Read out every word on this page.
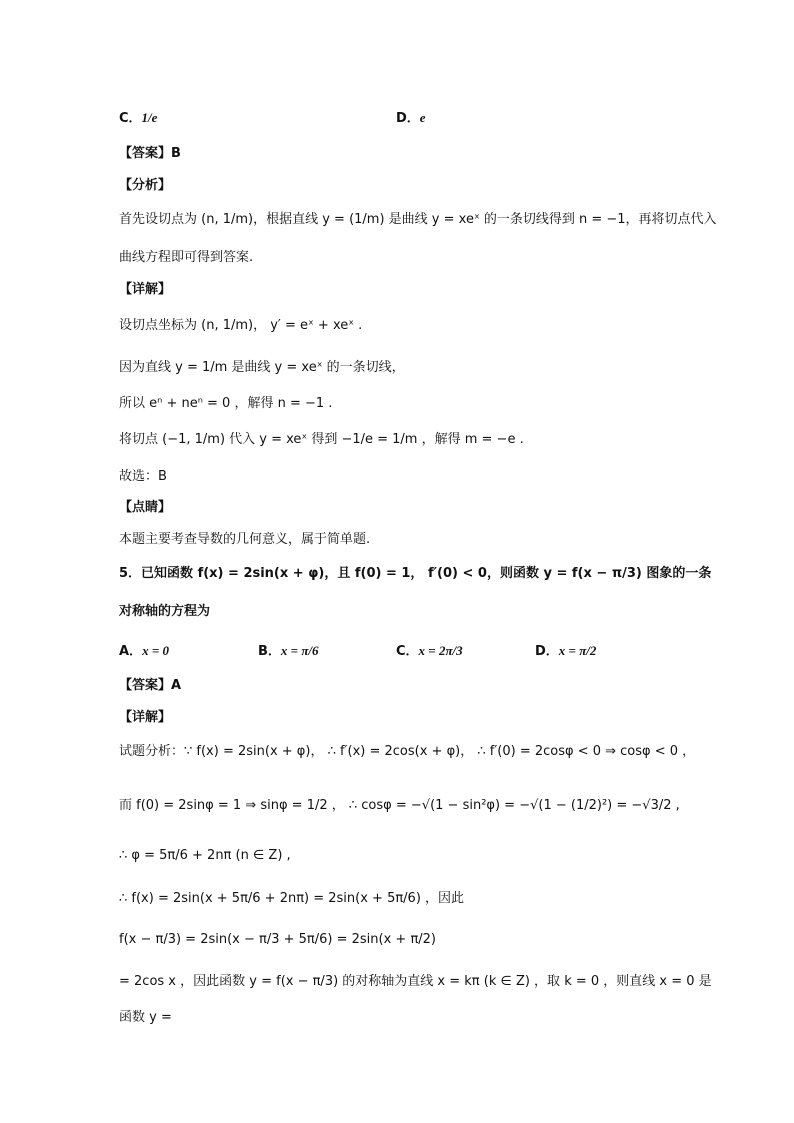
C．1/e	D．e
【答案】B
【分析】
首先设切点为 (n, 1/m)，根据直线 y = (1/m) 是曲线 y = xeˣ 的一条切线得到 n = −1，再将切点代入
曲线方程即可得到答案.
【详解】
设切点坐标为 (n, 1/m)， y′ = eˣ + xeˣ .
因为直线 y = 1/m 是曲线 y = xeˣ 的一条切线，
所以 eⁿ + neⁿ = 0 ，解得 n = −1 .
将切点 (−1, 1/m) 代入 y = xeˣ 得到 −1/e = 1/m ，解得 m = −e .
故选：B
【点睛】
本题主要考查导数的几何意义，属于简单题.
5．已知函数 f(x) = 2sin(x + φ)，且 f(0) = 1， f′(0) < 0，则函数 y = f(x − π/3) 图象的一条
对称轴的方程为
A．x = 0	B．x = π/6	C．x = 2π/3	D．x = π/2
【答案】A
【详解】
试题分析：∵ f(x) = 2sin(x + φ)， ∴ f′(x) = 2cos(x + φ)， ∴ f′(0) = 2cosφ < 0 ⇒ cosφ < 0 ，
而 f(0) = 2sinφ = 1 ⇒ sinφ = 1/2 ， ∴ cosφ = −√(1 − sin²φ) = −√(1 − (1/2)²) = −√3/2 ,
∴ φ = 5π/6 + 2nπ (n ∈ Z) ,
∴ f(x) = 2sin(x + 5π/6 + 2nπ) = 2sin(x + 5π/6) ，因此
f(x − π/3) = 2sin(x − π/3 + 5π/6) = 2sin(x + π/2)
= 2cos x ，因此函数 y = f(x − π/3) 的对称轴为直线 x = kπ (k ∈ Z) ，取 k = 0 ，则直线 x = 0 是
函数 y =
